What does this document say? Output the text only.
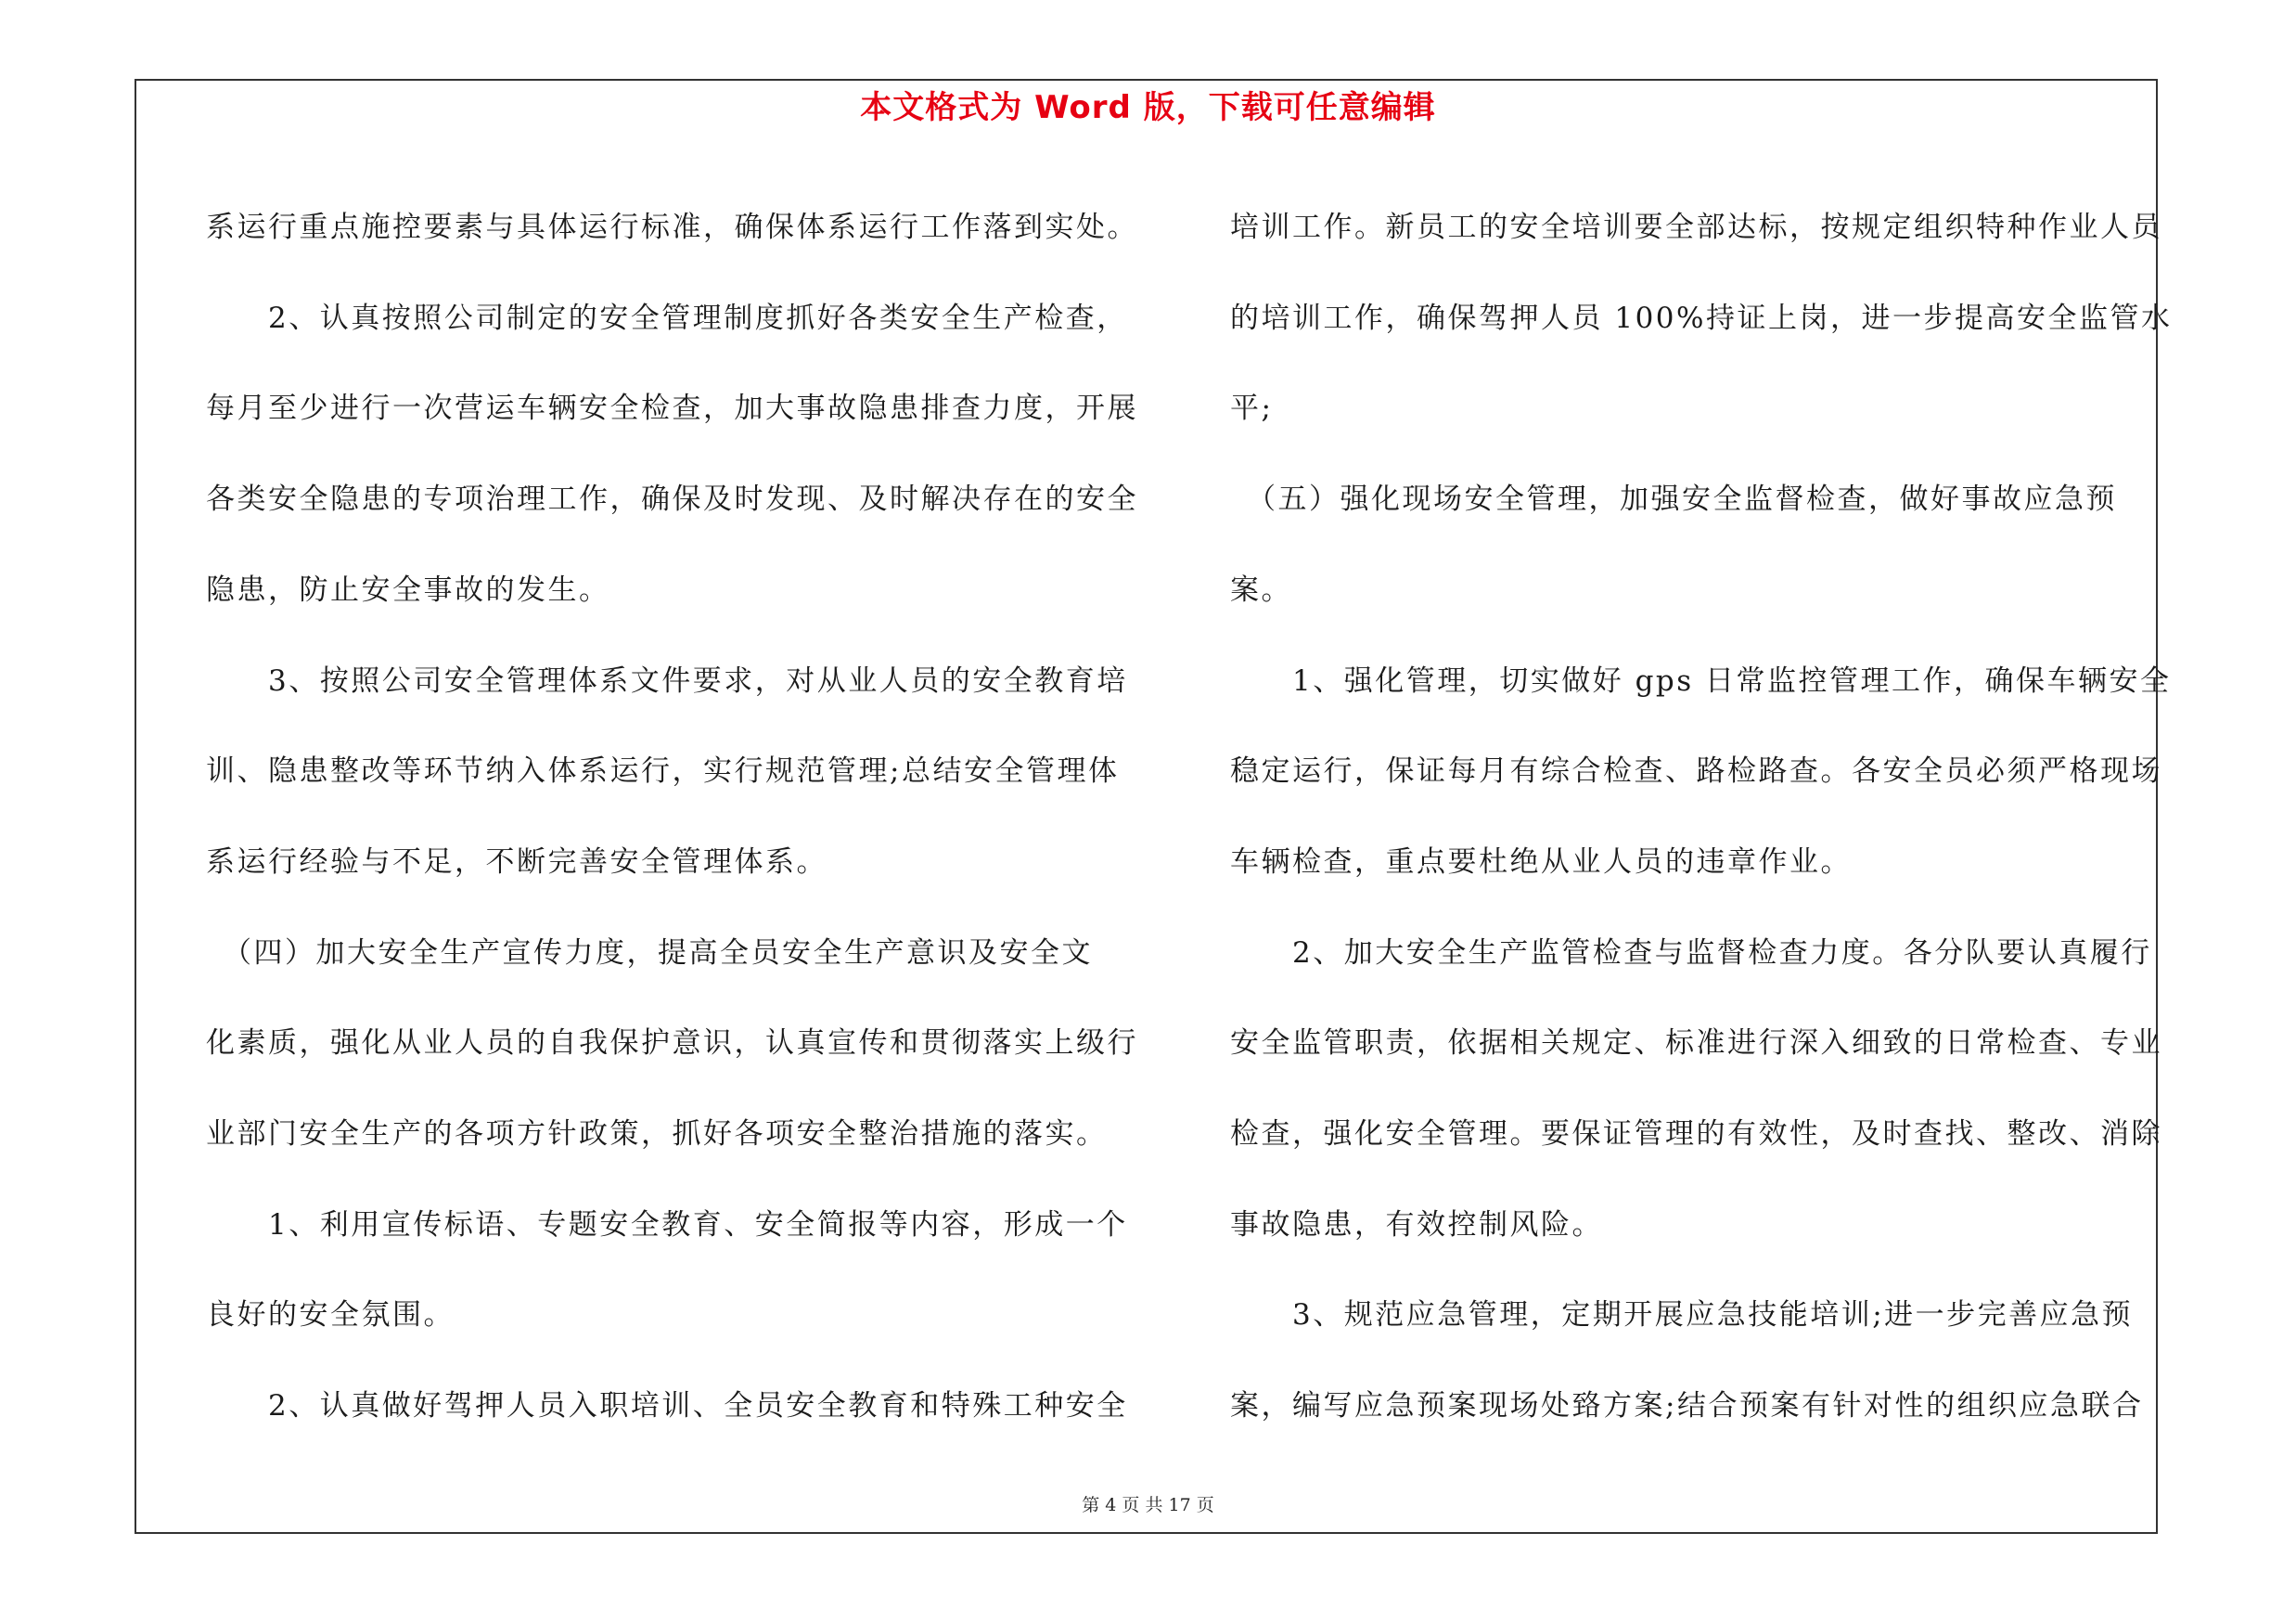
本文格式为 Word 版，下载可任意编辑

系运行重点施控要素与具体运行标准，确保体系运行工作落到实处。

　　2、认真按照公司制定的安全管理制度抓好各类安全生产检查，

每月至少进行一次营运车辆安全检查，加大事故隐患排查力度，开展

各类安全隐患的专项治理工作，确保及时发现、及时解决存在的安全

隐患，防止安全事故的发生。

　　3、按照公司安全管理体系文件要求，对从业人员的安全教育培

训、隐患整改等环节纳入体系运行，实行规范管理;总结安全管理体

系运行经验与不足，不断完善安全管理体系。

　（四）加大安全生产宣传力度，提高全员安全生产意识及安全文

化素质，强化从业人员的自我保护意识，认真宣传和贯彻落实上级行

业部门安全生产的各项方针政策，抓好各项安全整治措施的落实。

　　1、利用宣传标语、专题安全教育、安全简报等内容，形成一个

良好的安全氛围。

　　2、认真做好驾押人员入职培训、全员安全教育和特殊工种安全

培训工作。新员工的安全培训要全部达标，按规定组织特种作业人员

的培训工作，确保驾押人员 100%持证上岗，进一步提高安全监管水

平;

　（五）强化现场安全管理，加强安全监督检查，做好事故应急预

案。

　　1、强化管理，切实做好 gps 日常监控管理工作，确保车辆安全

稳定运行，保证每月有综合检查、路检路查。各安全员必须严格现场

车辆检查，重点要杜绝从业人员的违章作业。

　　2、加大安全生产监管检查与监督检查力度。各分队要认真履行

安全监管职责，依据相关规定、标准进行深入细致的日常检查、专业

检查，强化安全管理。要保证管理的有效性，及时查找、整改、消除

事故隐患，有效控制风险。

　　3、规范应急管理，定期开展应急技能培训;进一步完善应急预

案，编写应急预案现场处臵方案;结合预案有针对性的组织应急联合

第 4 页 共 17 页
